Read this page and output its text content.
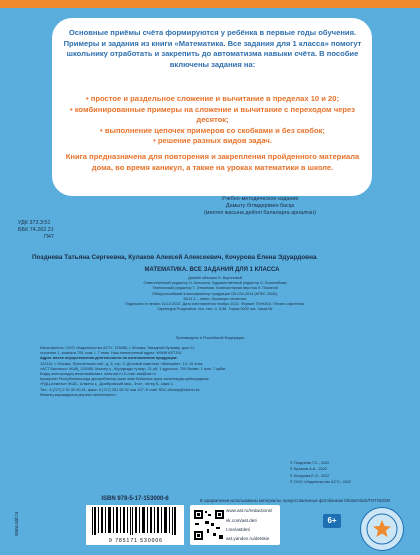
Основные приёмы счёта формируются у ребёнка в первые годы обучения. Примеры и задания из книги «Математика. Все задания для 1 класса» помогут школьнику отработать и закрепить до автоматизма навыки счёта. В пособие включены задания на:
• простое и раздельное сложение и вычитание в пределах 10 и 20;
• комбинированные примеры на сложение и вычитание с переходом через десяток;
• выполнение цепочек примеров со скобками и без скобок;
• решение разных видов задач.
Книга предназначена для повторения и закрепления пройденного материала дома, во время каникул, а также на уроках математики в школе.
Учебно-методическое издание
Дамыту бітімдерімен басқа
(мектеп жасына дейінгі балаларға арналған)
УДК 373.3:51
ББК 74.262.21
П47
Позднева Татьяна Сергеевна, Кулаков Алексей Алексеевич, Кочурова Елена Эдуардовна
МАТЕМАТИКА. ВСЕ ЗАДАНИЯ ДЛЯ 1 КЛАССА
Дизайн обложки Н. Вороновой
Ответственный редактор Н. Анешина. Художественный редактор О. Боголюбова
Технический редактор Т. Этманова. Компьютерная верстка Л. Пачиной
Общероссийский классификатор продукции ОК-034-2014 (КПЕС 2008);
58.11.1 – книги, брошюры печатные
Подписано в печать 16.10.2022. Дата изготовления ноябрь 2022. Формат 70х90/16. Печать офсетная.
Гарнитура Pragmatica. Усл. печ. л. 5,58. Тираж 3000 экз. Заказ №
Произведено в Российской Федерации
Изготовитель: ООО «Издательство АСТ». 129085, г. Москва, Звездный бульвар, дом 21,
строение 1, комната 705, пом. I, 7 этаж. Наш электронный адрес: WWW.AST.RU
Адрес места осуществления деятельности по изготовлению продукции:
123112, г. Москва, Пресненская наб., д. 6, стр. 2, Деловой комплекс «Империя», 14, 15 этаж
«АСТ Баспасы» ЖШҚ, 129085, Мәскеу қ., Жұлдызды гүлзар, 21-үй, 1-құрылыс, 705 бөлме, 1 пом. 7-қабат
Біздің электрондық мекенжайымыз: www.ast.ru E-mail: ask@ast.ru
Қазақстан Республикасында дистрибьютор және өнім бойынша арыз-талаптарды қабылдаушы:
«РДЦ-Алматы» ЖШС, Алматы қ., Домбровский көш., 3«а», литер Б, офис 1.
Тел.: 8 (727) 2 51 59 90,91, факс: 8 (727) 251 59 92 ішкі 107; E-mail: RDC-Almaty@eksmo.kz
Өнімнің жарамдылық мерзімі шектелмеген.
© Позднева Т.С., 2022
© Кулаков А.А., 2022
© Кочурова Е.Э., 2022
© ООО «Издательство АСТ», 2022
В оформлении использованы материалы, предоставленные фотобанком Shutterstock/FOTODOM
www.ast.ru
ISBN 978-5-17-153000-6
9 785171 530006
www.ast.ru/redactions/
vk.com/ast.deti
t.me/astdeti
ast.yandex.ru/detskie
6+
